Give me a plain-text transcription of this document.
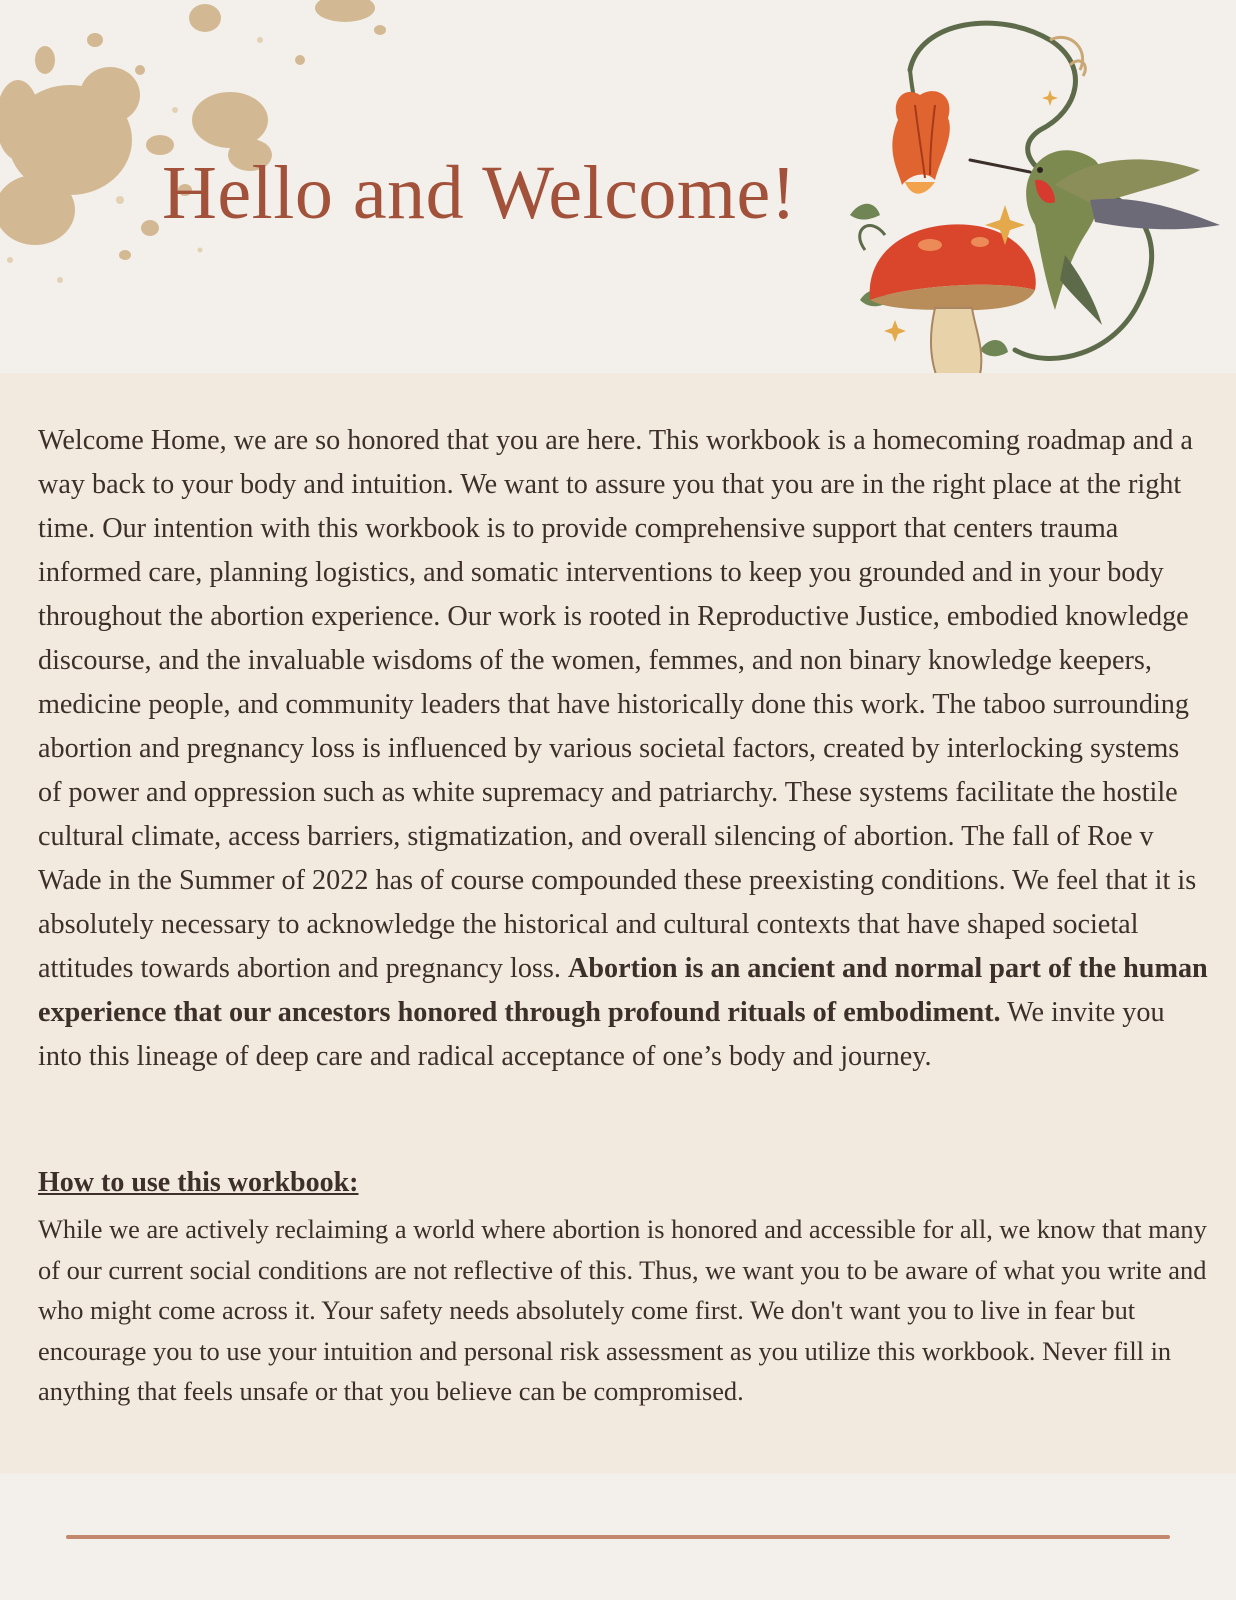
Hello and Welcome!

Welcome Home, we are so honored that you are here. This workbook is a homecoming roadmap and a way back to your body and intuition. We want to assure you that you are in the right place at the right time. Our intention with this workbook is to provide comprehensive support that centers trauma informed care, planning logistics, and somatic interventions to keep you grounded and in your body throughout the abortion experience. Our work is rooted in Reproductive Justice, embodied knowledge discourse, and the invaluable wisdoms of the women, femmes, and non binary knowledge keepers, medicine people, and community leaders that have historically done this work. The taboo surrounding abortion and pregnancy loss is influenced by various societal factors, created by interlocking systems of power and oppression such as white supremacy and patriarchy. These systems facilitate the hostile cultural climate, access barriers, stigmatization, and overall silencing of abortion. The fall of Roe v Wade in the Summer of 2022 has of course compounded these preexisting conditions. We feel that it is absolutely necessary to acknowledge the historical and cultural contexts that have shaped societal attitudes towards abortion and pregnancy loss. Abortion is an ancient and normal part of the human experience that our ancestors honored through profound rituals of embodiment. We invite you into this lineage of deep care and radical acceptance of one’s body and journey.

How to use this workbook:

While we are actively reclaiming a world where abortion is honored and accessible for all, we know that many of our current social conditions are not reflective of this. Thus, we want you to be aware of what you write and who might come across it. Your safety needs absolutely come first. We don't want you to live in fear but encourage you to use your intuition and personal risk assessment as you utilize this workbook. Never fill in anything that feels unsafe or that you believe can be compromised.
